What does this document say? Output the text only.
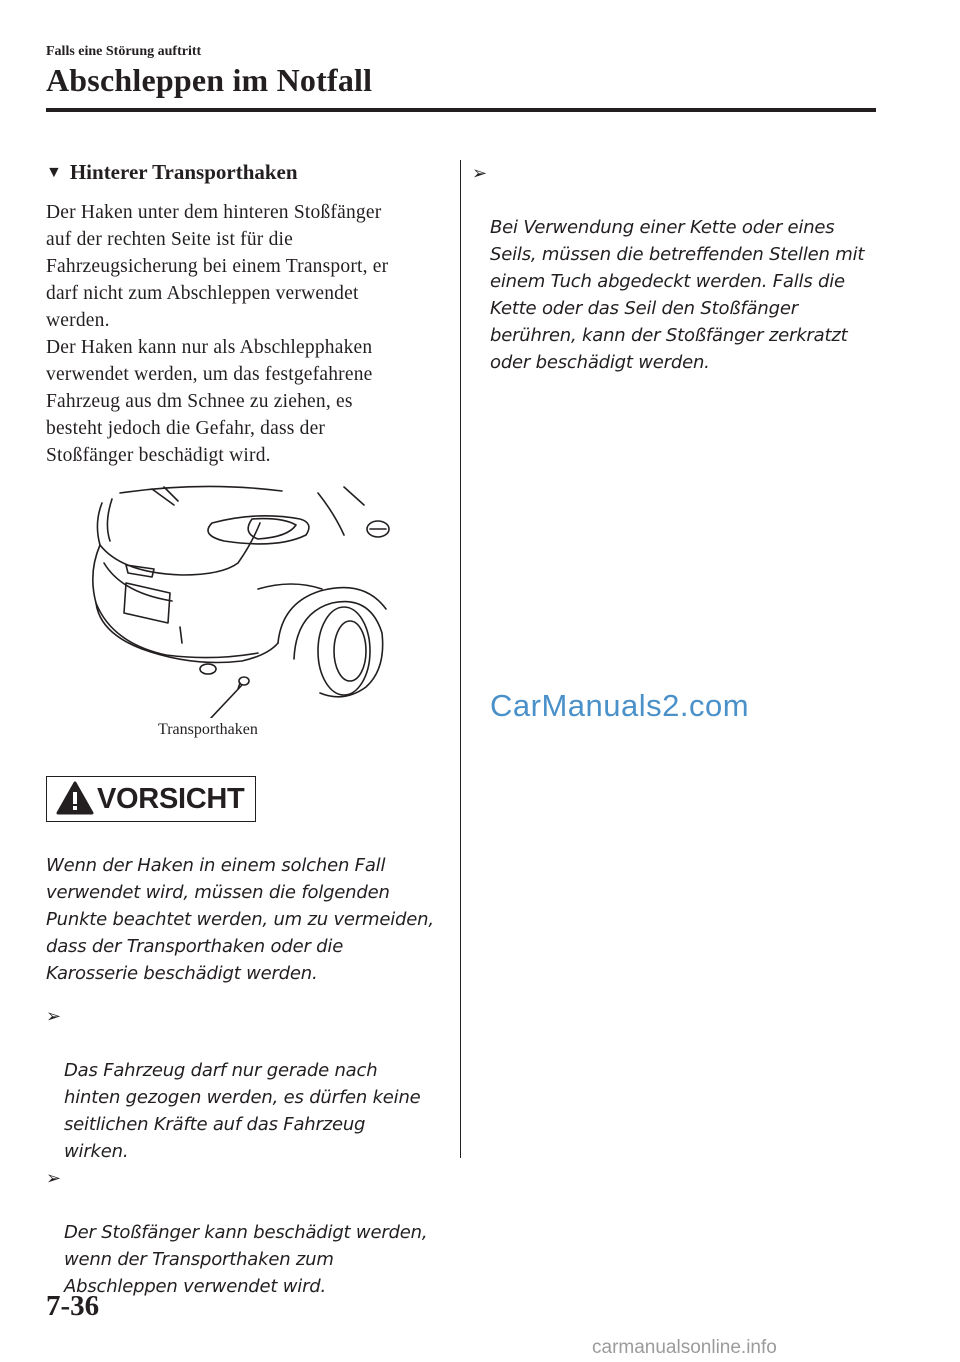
Falls eine Störung auftritt
Abschleppen im Notfall
▼ Hinterer Transporthaken

Der Haken unter dem hinteren Stoßfänger
auf der rechten Seite ist für die
Fahrzeugsicherung bei einem Transport, er
darf nicht zum Abschleppen verwendet
werden.

Der Haken kann nur als Abschlepphaken
verwendet werden, um das festgefahrene
Fahrzeug aus dm Schnee zu ziehen, es
besteht jedoch die Gefahr, dass der
Stoßfänger beschädigt wird.

Transporthaken
VORSICHT
Wenn der Haken in einem solchen Fall
verwendet wird, müssen die folgenden
Punkte beachtet werden, um zu vermeiden,
dass der Transporthaken oder die
Karosserie beschädigt werden.

➢

Das Fahrzeug darf nur gerade nach
hinten gezogen werden, es dürfen keine
seitlichen Kräfte auf das Fahrzeug
wirken.

➢

Der Stoßfänger kann beschädigt werden,
wenn der Transporthaken zum
Abschleppen verwendet wird.

➢

Bei Verwendung einer Kette oder eines
Seils, müssen die betreffenden Stellen mit
einem Tuch abgedeckt werden. Falls die
Kette oder das Seil den Stoßfänger
berühren, kann der Stoßfänger zerkratzt
oder beschädigt werden.

CarManuals2.com
7-36
carmanualsonline.info
